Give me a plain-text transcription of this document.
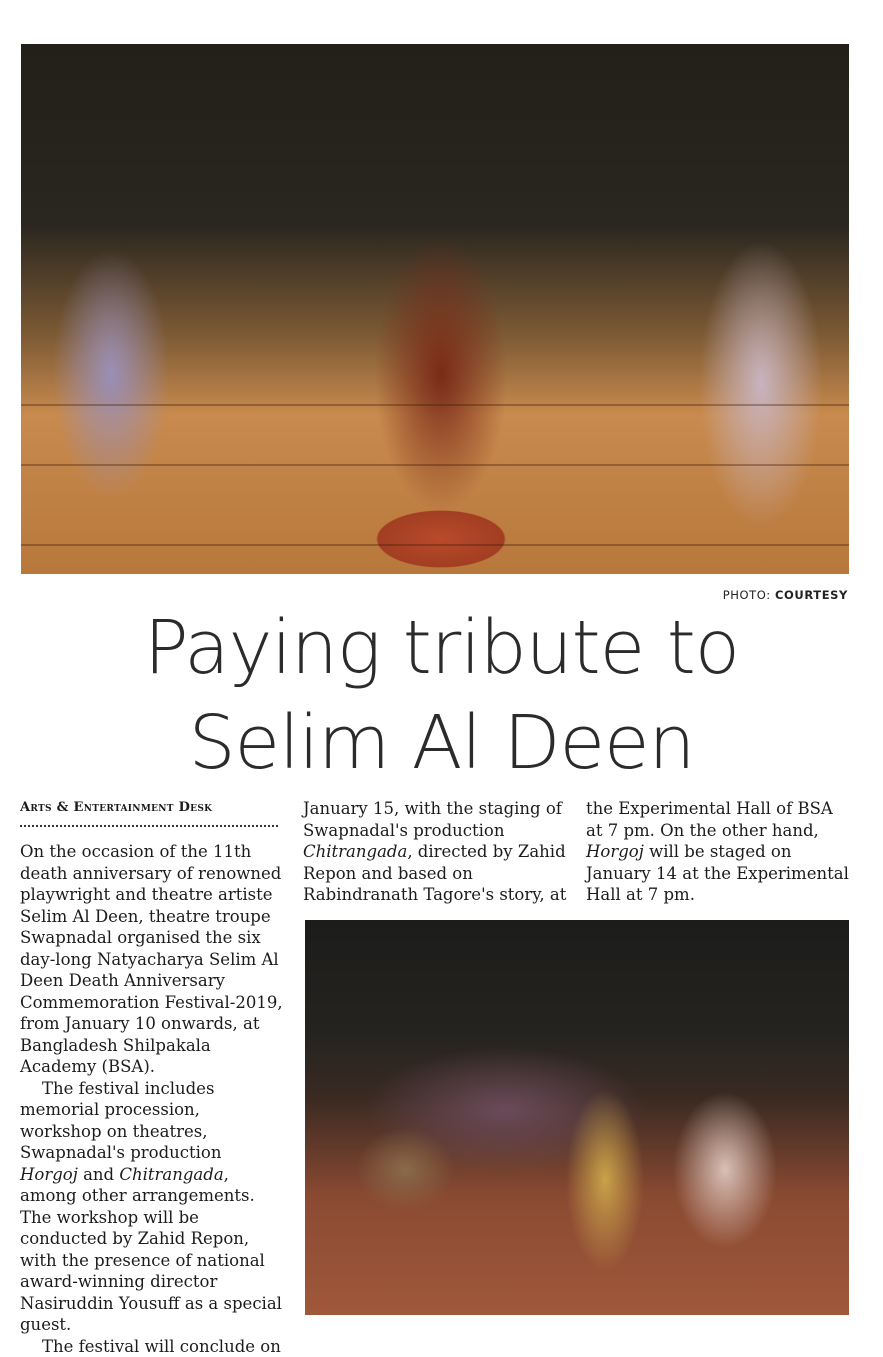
PHOTO: COURTESY
Paying tribute to
Selim Al Deen
Arts & Entertainment Desk

On the occasion of the 11th death anniversary of renowned playwright and theatre artiste Selim Al Deen, theatre troupe Swapnadal organised the six day-long Natyacharya Selim Al Deen Death Anniversary Commemoration Festival-2019, from January 10 onwards, at Bangladesh Shilpakala Academy (BSA).

The festival includes memorial procession, workshop on theatres, Swapnadal's production Horgoj and Chitrangada, among other arrangements. The workshop will be conducted by Zahid Repon, with the presence of national award-winning director Nasiruddin Yousuff as a special guest.

The festival will conclude on

January 15, with the staging of Swapnadal's production Chitrangada, directed by Zahid Repon and based on Rabindranath Tagore's story, at

the Experimental Hall of BSA at 7 pm. On the other hand, Horgoj will be staged on January 14 at the Experimental Hall at 7 pm.
